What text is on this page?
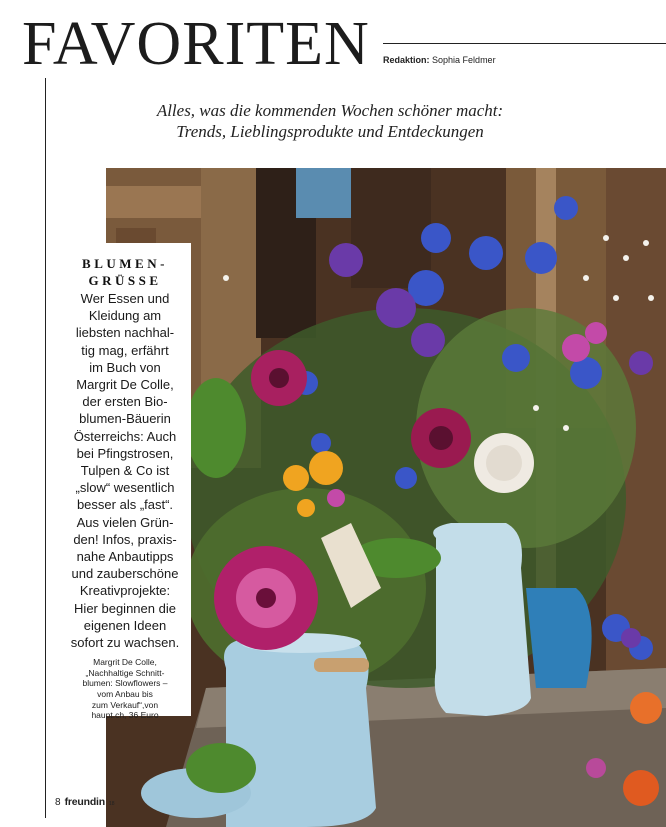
FAVORITEN Redaktion: Sophia Feldmer
Alles, was die kommenden Wochen schöner macht:
Trends, Lieblingsprodukte und Entdeckungen
BLUMEN-
GRÜSSE
Wer Essen und
Kleidung am
liebsten nachhal-
tig mag, erfährt
im Buch von
Margrit De Colle,
der ersten Bio-
blumen-Bäuerin
Österreichs: Auch
bei Pfingstrosen,
Tulpen & Co ist
„slow“ wesentlich
besser als „fast“.
Aus vielen Grün-
den! Infos, praxis-
nahe Anbautipps
und zauberschöne
Kreativprojekte:
Hier beginnen die
eigenen Ideen
sofort zu wachsen.
Margrit De Colle,
„Nachhaltige Schnitt-
blumen: Slowflowers –
vom Anbau bis
zum Verkauf“,von
haupt.ch, 36 Euro
8 freundin 18
